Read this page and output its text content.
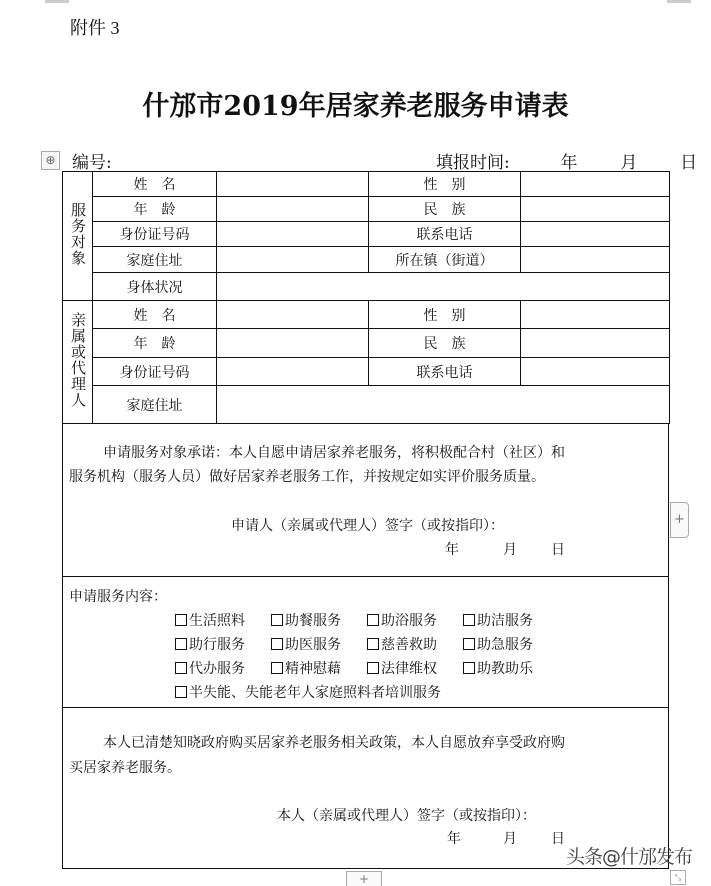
附件 3
什邡市2019年居家养老服务申请表
⊕ 编号:	填报时间:	年	月	日
服务对象	姓　名		性　别	
	年　龄		民　族	
	身份证号码		联系电话	
	家庭住址		所在镇（街道）	
	身体状况			
亲属或代理人	姓　名		性　别	
	年　龄		民　族	
	身份证号码		联系电话	
	家庭住址			
申请服务对象承诺：本人自愿申请居家养老服务，将积极配合村（社区）和
服务机构（服务人员）做好居家养老服务工作，并按规定如实评价服务质量。
申请人（亲属或代理人）签字（或按指印）：
年	月 日
申请服务内容：
生活照料	助餐服务	助浴服务	助洁服务
助行服务	助医服务	慈善救助	助急服务
代办服务	精神慰藉	法律维权	助教助乐
半失能、失能老年人家庭照料者培训服务
本人已清楚知晓政府购买居家养老服务相关政策，本人自愿放弃享受政府购
买居家养老服务。
本人（亲属或代理人）签字（或按指印）：
年	月 日
+
+	⤡
头条@什邡发布
